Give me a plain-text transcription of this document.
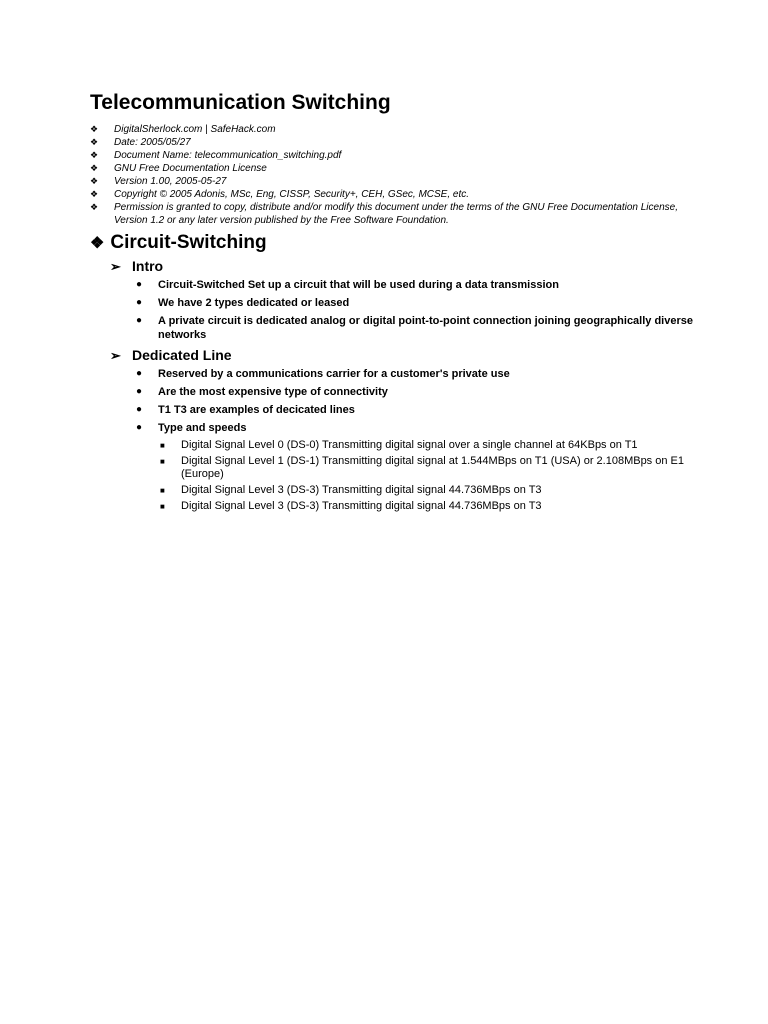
Telecommunication Switching
❖ DigitalSherlock.com | SafeHack.com
❖ Date: 2005/05/27
❖ Document Name: telecommunication_switching.pdf
❖ GNU Free Documentation License
❖ Version 1.00, 2005-05-27
❖ Copyright © 2005 Adonis, MSc, Eng, CISSP, Security+, CEH, GSec, MCSE, etc.
❖ Permission is granted to copy, distribute and/or modify this document under the terms of the GNU Free Documentation License, Version 1.2 or any later version published by the Free Software Foundation.
❖ Circuit-Switching
➢ Intro
● Circuit-Switched Set up a circuit that will be used during a data transmission
● We have 2 types dedicated or leased
● A private circuit is dedicated analog or digital point-to-point connection joining geographically diverse networks
➢ Dedicated Line
● Reserved by a communications carrier for a customer's private use
● Are the most expensive type of connectivity
● T1 T3 are examples of decicated lines
● Type and speeds
■ Digital Signal Level 0 (DS-0) Transmitting digital signal over a single channel at 64KBps on T1
■ Digital Signal Level 1 (DS-1) Transmitting digital signal at 1.544MBps on T1 (USA) or 2.108MBps on E1 (Europe)
■ Digital Signal Level 3 (DS-3) Transmitting digital signal 44.736MBps on T3
■ Digital Signal Level 3 (DS-3) Transmitting digital signal 44.736MBps on T3
